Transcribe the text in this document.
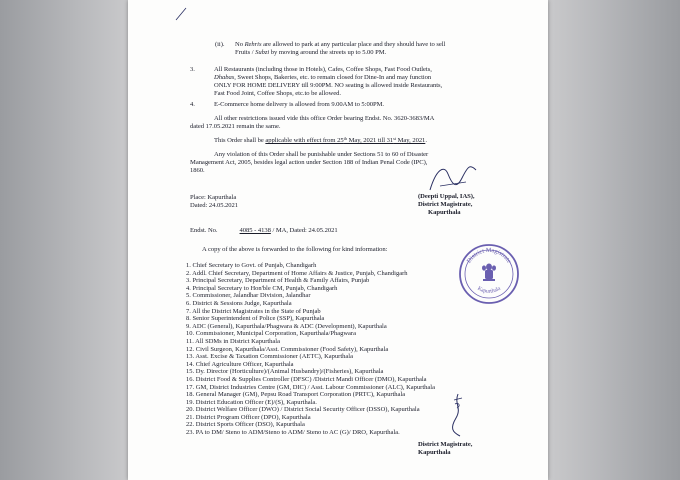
(ii). No Rehris are allowed to park at any particular place and they should have to sell
Fruits / Subzi by moving around the streets up to 5.00 PM.
3.	All Restaurants (including those in Hotels), Cafes, Coffee Shops, Fast Food Outlets,
Dhabas, Sweet Shops, Bakeries, etc. to remain closed for Dine-In and may function
ONLY FOR HOME DELIVERY till 9:00PM. NO seating is allowed inside Restaurants,
Fast Food Joint, Coffee Shops, etc.to be allowed.
4.	E-Commerce home delivery is allowed from 9.00AM to 5:00PM.
All other restrictions issued vide this office Order bearing Endst. No. 3620-3683/MA
dated 17.05.2021 remain the same.
This Order shall be applicable with effect from 25th May, 2021 till 31st May, 2021.
Any violation of this Order shall be punishable under Sections 51 to 60 of Disaster
Management Act, 2005, besides legal action under Section 188 of Indian Penal Code (IPC),
1860.
Place: Kapurthala
Dated: 24.05.2021
(Deepti Uppal, IAS),
District Magistrate,
Kapurthala
Endst. No.	4085 - 4138 / MA, Dated: 24.05.2021
A copy of the above is forwarded to the following for kind information:
1. Chief Secretary to Govt. of Punjab, Chandigarh
2. Addl. Chief Secretary, Department of Home Affairs & Justice, Punjab, Chandigarh
3. Principal Secretary, Department of Health & Family Affairs, Punjab
4. Principal Secretary to Hon'ble CM, Punjab, Chandigarh
5. Commissioner, Jalandhar Division, Jalandhar
6. District & Sessions Judge, Kapurthala
7. All the District Magistrates in the State of Punjab
8. Senior Superintendent of Police (SSP), Kapurthala
9. ADC (General), Kapurthala/Phagwara & ADC (Development), Kapurthala
10. Commissioner, Municipal Corporation, Kapurthala/Phagwara
11. All SDMs in District Kapurthala
12. Civil Surgeon, Kapurthala/Asst. Commissioner (Food Safety), Kapurthala
13. Asst. Excise & Taxation Commissioner (AETC), Kapurthala
14. Chief Agriculture Officer, Kapurthala
15. Dy. Director (Horticulture)/(Animal Husbandry)/(Fisheries), Kapurthala
16. District Food & Supplies Controller (DFSC) /District Mandi Officer (DMO), Kapurthala
17. GM, District Industries Centre (GM, DIC) / Asst. Labour Commissioner (ALC), Kapurthala
18. General Manager (GM), Pepsu Road Transport Corporation (PRTC), Kapurthala
19. District Education Officer (E)/(S), Kapurthala.
20. District Welfare Officer (DWO) / District Social Security Officer (DSSO), Kapurthala
21. District Program Officer (DPO), Kapurthala
22. District Sports Officer (DSO), Kapurthala
23. PA to DM/ Steno to ADM/Steno to ADM/ Steno to AC (G)/ DRO, Kapurthala.
District Magistrate
Kapurthala
District Magistrate,
Kapurthala
